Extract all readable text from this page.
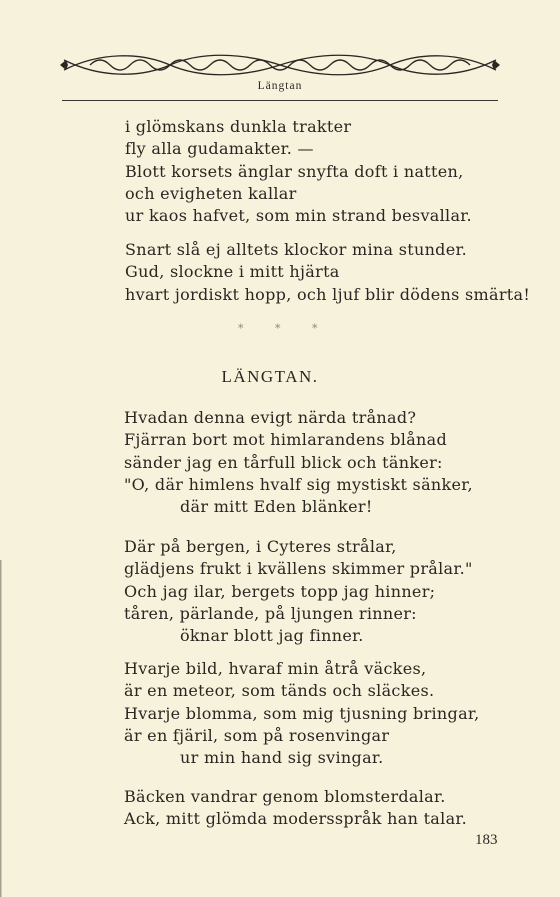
Längtan
i glömskans dunkla trakter
fly alla gudamakter. —
Blott korsets änglar snyfta doft i natten,
och evigheten kallar
ur kaos hafvet, som min strand besvallar.
Snart slå ej alltets klockor mina stunder.
Gud, slockne i mitt hjärta
hvart jordiskt hopp, och ljuf blir dödens smärta!
* * *
LÄNGTAN.
Hvadan denna evigt närda trånad?
Fjärran bort mot himlarandens blånad
sänder jag en tårfull blick och tänker:
"O, där himlens hvalf sig mystiskt sänker,
där mitt Eden blänker!
Där på bergen, i Cyteres strålar,
glädjens frukt i kvällens skimmer prålar."
Och jag ilar, bergets topp jag hinner;
tåren, pärlande, på ljungen rinner:
öknar blott jag finner.
Hvarje bild, hvaraf min åtrå väckes,
är en meteor, som tänds och släckes.
Hvarje blomma, som mig tjusning bringar,
är en fjäril, som på rosenvingar
ur min hand sig svingar.
Bäcken vandrar genom blomsterdalar.
Ack, mitt glömda modersspråk han talar.
183
